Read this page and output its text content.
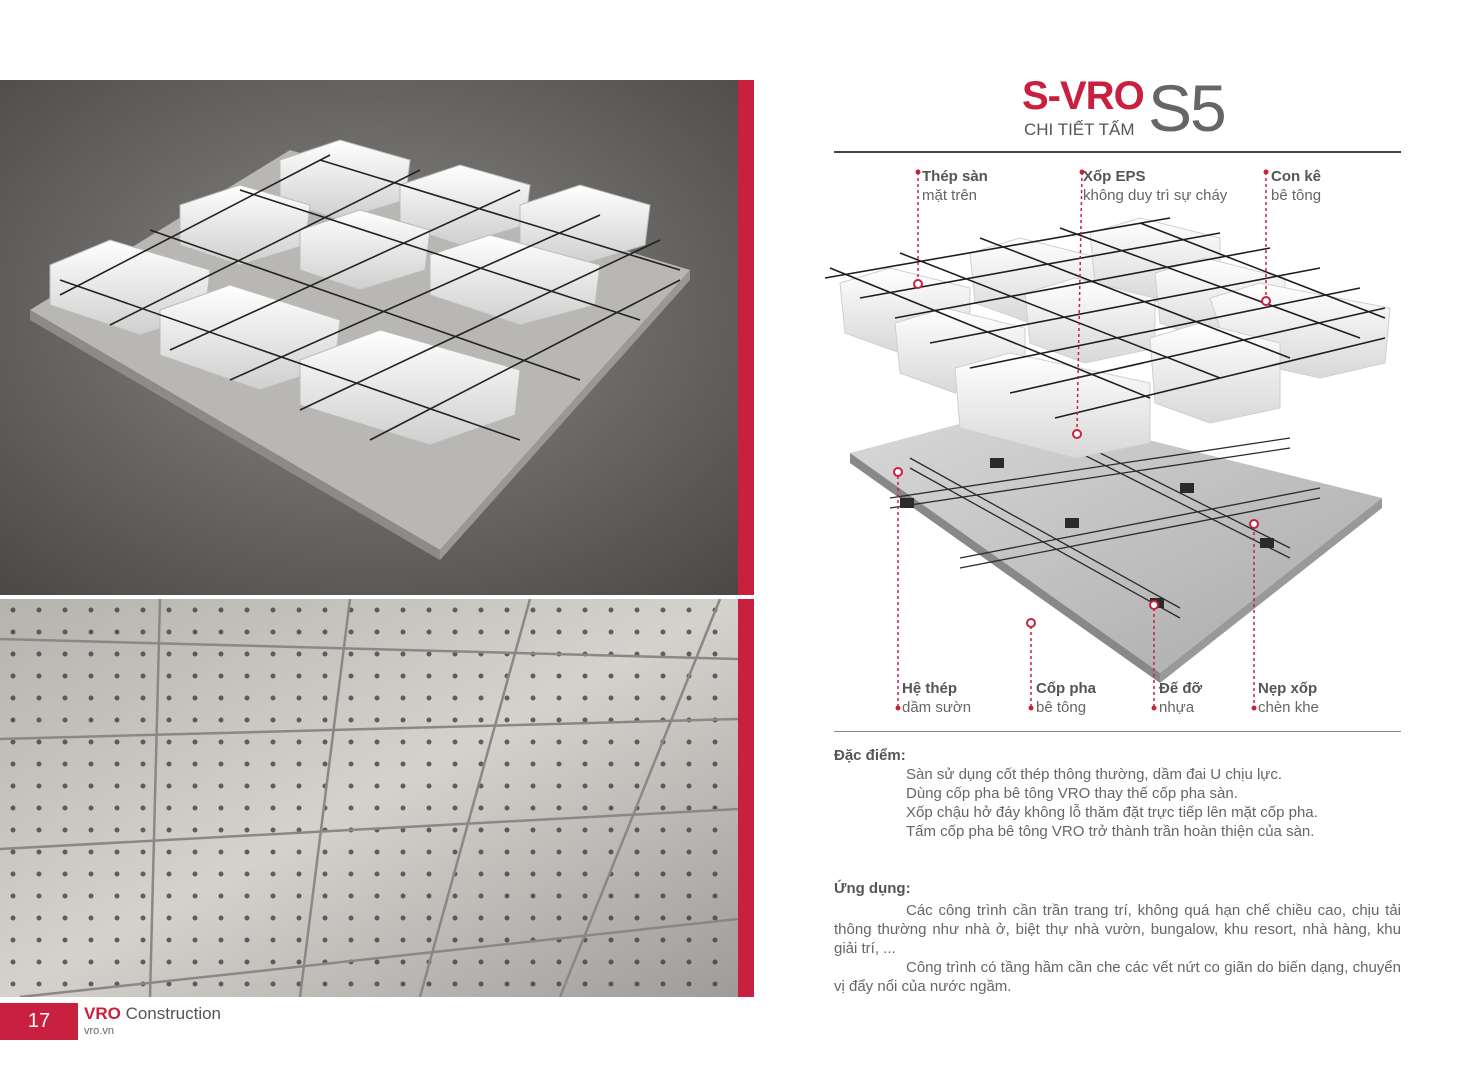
17	VRO Construction
vro.vn
S-VRO
CHI TIẾT TẤM S5
Thép sàn
mặt trên
Xốp EPS
không duy trì sự cháy
Con kê
bê tông
Hệ thép
dầm sườn
Cốp pha
bê tông
Đế đỡ
nhựa
Nẹp xốp
chèn khe
Đặc điểm:

Sàn sử dụng cốt thép thông thường, dầm đai U chịu lực.

Dùng cốp pha bê tông VRO thay thế cốp pha sàn.

Xốp chậu hở đáy không lỗ thăm đặt trực tiếp lên mặt cốp pha.

Tấm cốp pha bê tông VRO trở thành trần hoàn thiện của sàn.

Ứng dụng:

Các công trình cần trần trang trí, không quá hạn chế chiều cao, chịu tải thông thường như nhà ở, biệt thự nhà vườn, bungalow, khu resort, nhà hàng, khu giải trí, ...

Công trình có tầng hầm cần che các vết nứt co giãn do biến dạng, chuyển vị đẩy nổi của nước ngầm.
